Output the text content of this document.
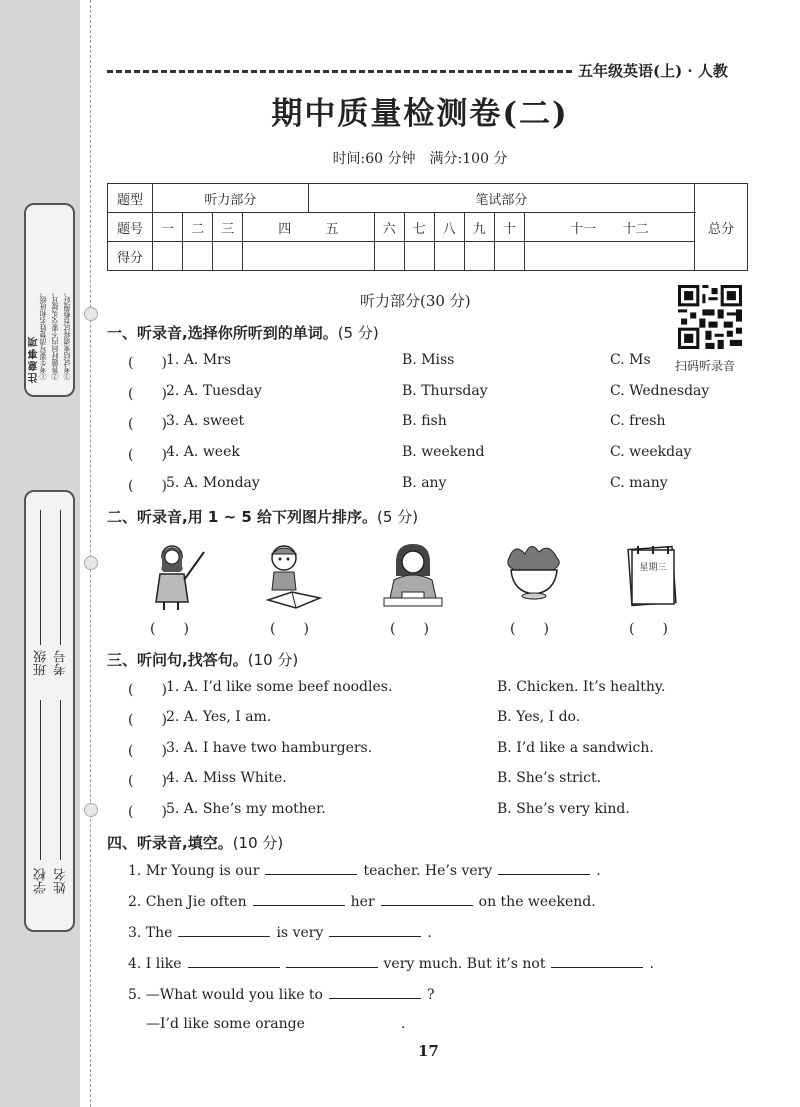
注意事项 ①考生要写清楚姓名和班级。 ②答题时间内不要交头接耳。 ③考试结束请将试卷整理好。
班级 考号
学校 姓名
五年级英语(上) · 人教
期中质量检测卷(二)
时间:60 分钟　满分:100 分
题型	听力部分				笔试部分							总分
题号	一	二	三	四 五		六	七	八	九	十	十一 十二	
得分												
听力部分(30 分)
扫码听录音
一、听录音,选择你所听到的单词。(5 分)
(　　) 1. A. Mrs	B. Miss	C. Ms
(　　) 2. A. Tuesday	B. Thursday	C. Wednesday
(　　) 3. A. sweet	B. fish	C. fresh
(　　) 4. A. week	B. weekend	C. weekday
(　　) 5. A. Monday	B. any	C. many
二、听录音,用 1 ~ 5 给下列图片排序。(5 分)
星期三
(　　)	(　　)	(　　)	(　　)	(　　)
三、听问句,找答句。(10 分)
(　　) 1. A. I’d like some beef noodles.	B. Chicken. It’s healthy.
(　　) 2. A. Yes, I am.	B. Yes, I do.
(　　) 3. A. I have two hamburgers.	B. I’d like a sandwich.
(　　) 4. A. Miss White.	B. She’s strict.
(　　) 5. A. She’s my mother.	B. She’s very kind.
四、听录音,填空。(10 分)
1. Mr Young is our	teacher. He’s very	.
2. Chen Jie often	her	on the weekend.
3. The	is very	.
4. I like	very much. But it’s not	.
5. —What would you like to	?
—I’d like some orange	.
17
